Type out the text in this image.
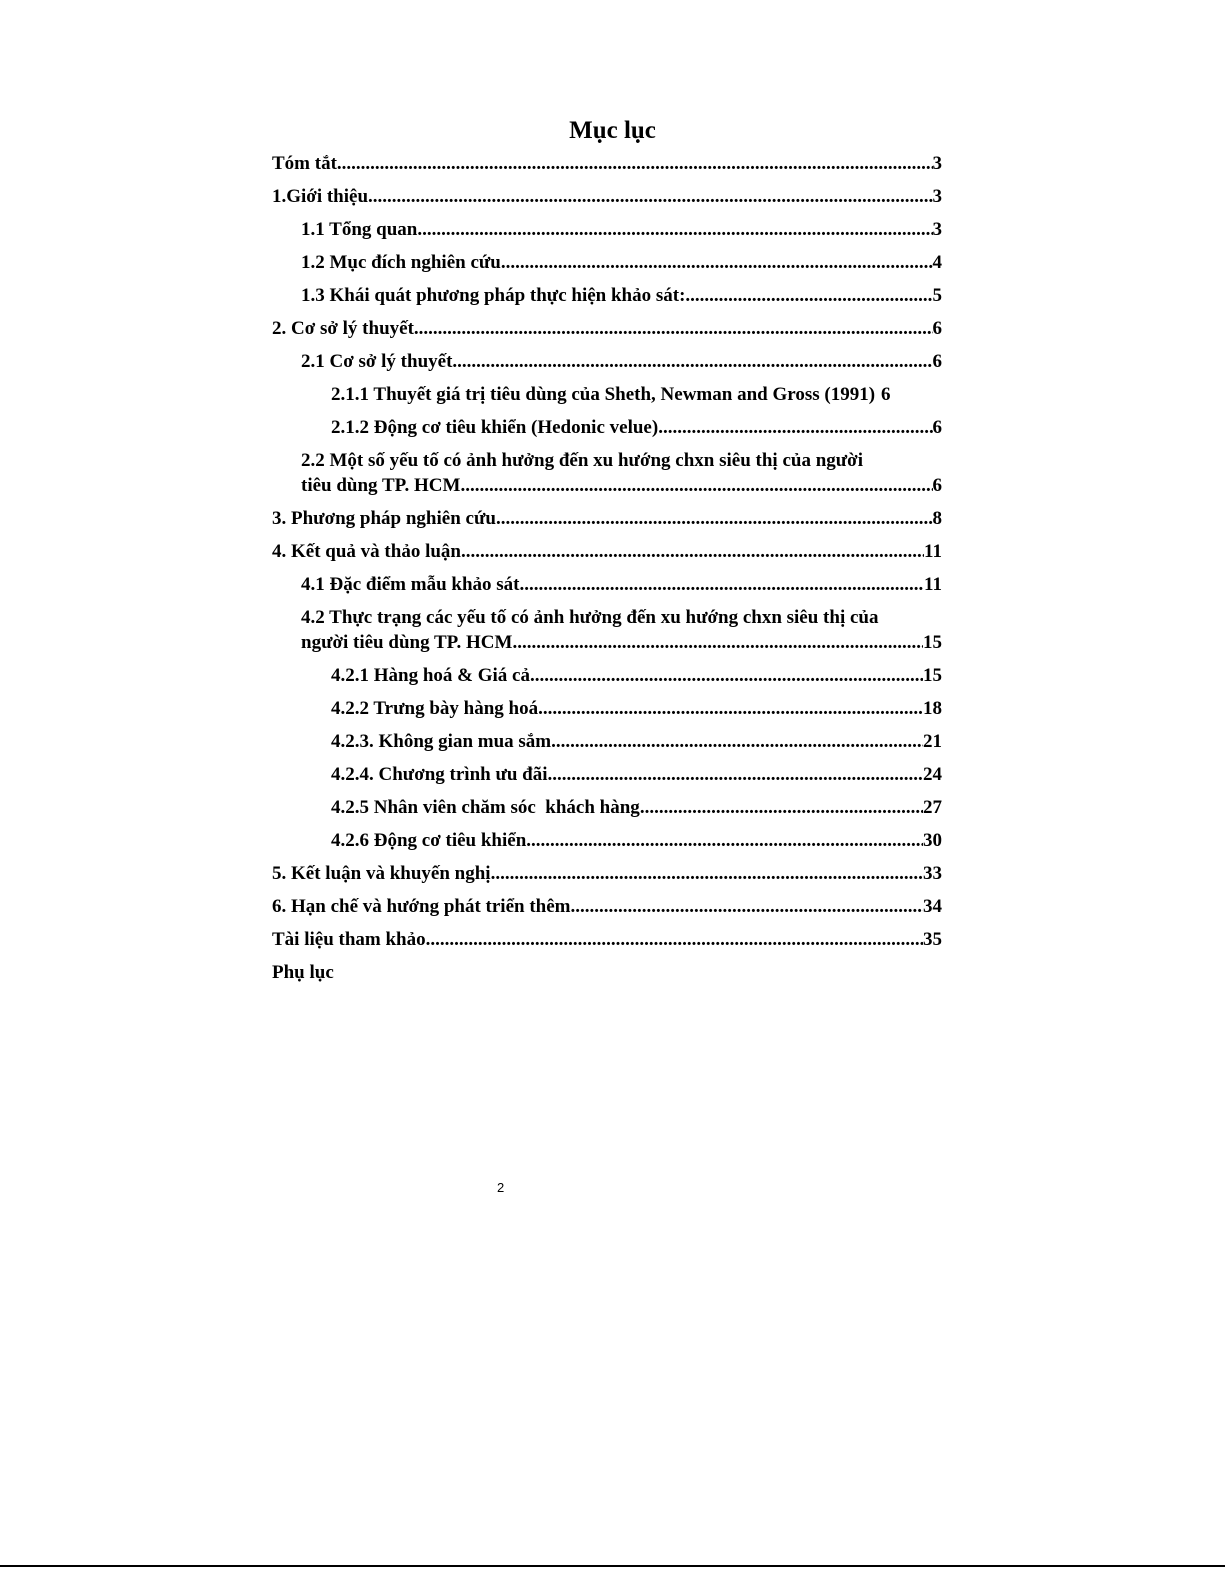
Mục lục
Tóm tắt .....	3
1.Giới thiệu .....	3
1.1 Tổng quan .....	3
1.2 Mục đích nghiên cứu .....	4
1.3 Khái quát phương pháp thực hiện khảo sát: .....	5
2. Cơ sở lý thuyết .....	6
2.1 Cơ sở lý thuyết .....	6
2.1.1 Thuyết giá trị tiêu dùng của Sheth, Newman and Gross (1991) 6
2.1.2 Động cơ tiêu khiển (Hedonic velue) .....	6
2.2 Một số yếu tố có ảnh hưởng đến xu hướng chxn siêu thị của người
tiêu dùng TP. HCM .....	6
3. Phương pháp nghiên cứu .....	8
4. Kết quả và thảo luận .....	11
4.1 Đặc điểm mẫu khảo sát .....	11
4.2 Thực trạng các yếu tố có ảnh hưởng đến xu hướng chxn siêu thị của
người tiêu dùng TP. HCM .....	15
4.2.1 Hàng hoá & Giá cả .....	15
4.2.2 Trưng bày hàng hoá .....	18
4.2.3. Không gian mua sắm .....	21
4.2.4. Chương trình ưu đãi .....	24
4.2.5 Nhân viên chăm sóc  khách hàng .....	27
4.2.6 Động cơ tiêu khiển .....	30
5. Kết luận và khuyến nghị .....	33
6. Hạn chế và hướng phát triển thêm .....	34
Tài liệu tham khảo .....	35
Phụ lục
2
